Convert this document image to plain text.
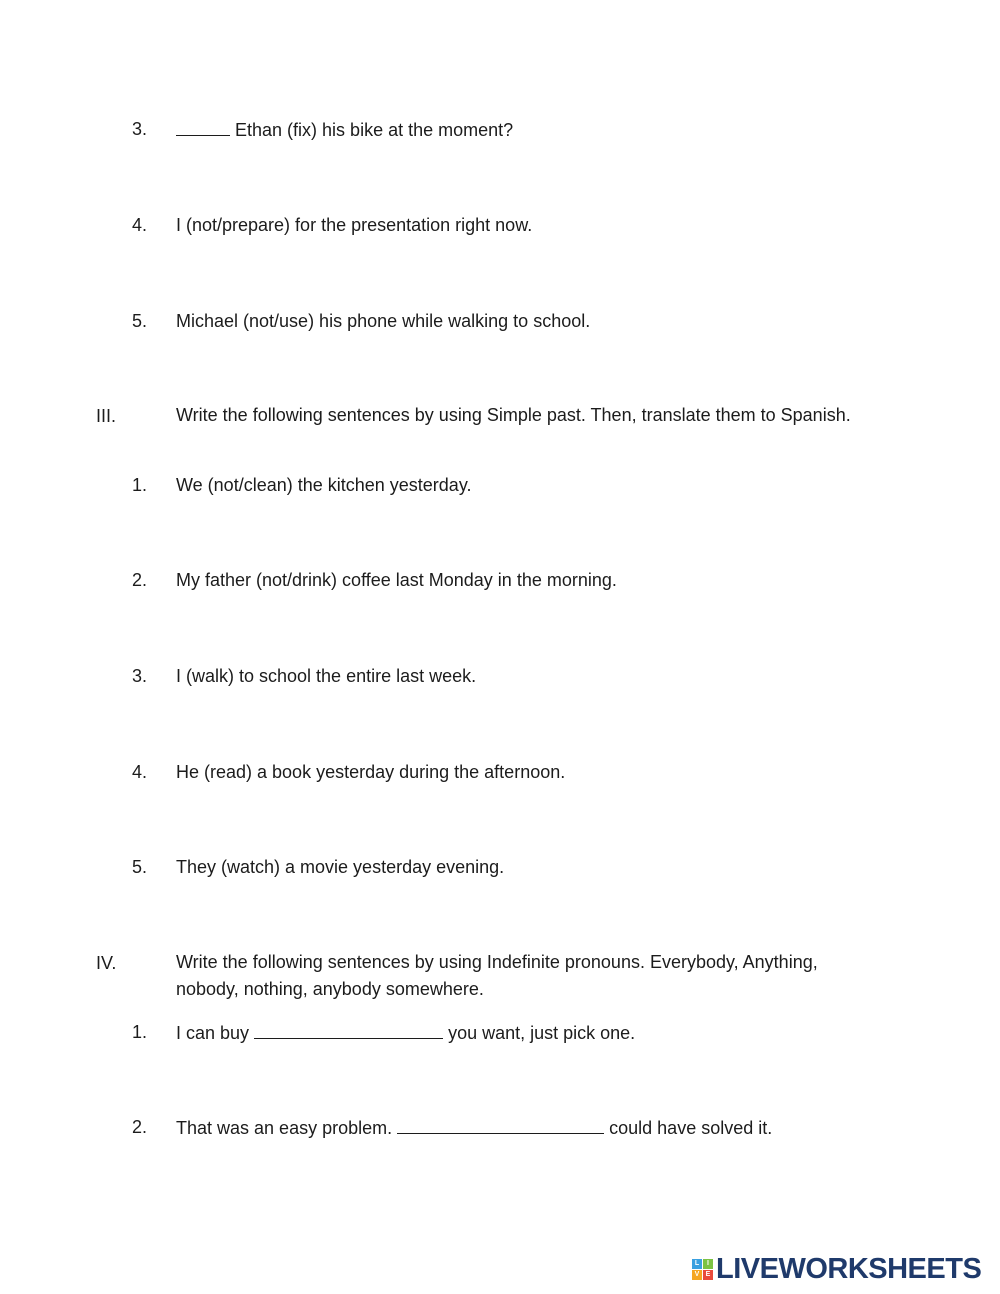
3.	Ethan (fix) his bike at the moment?
4. I (not/prepare) for the presentation right now.
5. Michael (not/use) his phone while walking to school.
III.	Write the following sentences by using Simple past. Then, translate them to Spanish.
1. We (not/clean) the kitchen yesterday.
2. My father (not/drink) coffee last Monday in the morning.
3. I (walk) to school the entire last week.
4. He (read) a book yesterday during the afternoon.
5. They (watch) a movie yesterday evening.
IV.	Write the following sentences by using Indefinite pronouns. Everybody, Anything, nobody, nothing, anybody somewhere.
1. I can buy	you want, just pick one.
2. That was an easy problem.	could have solved it.
L	I
V E LIVEWORKSHEETS
